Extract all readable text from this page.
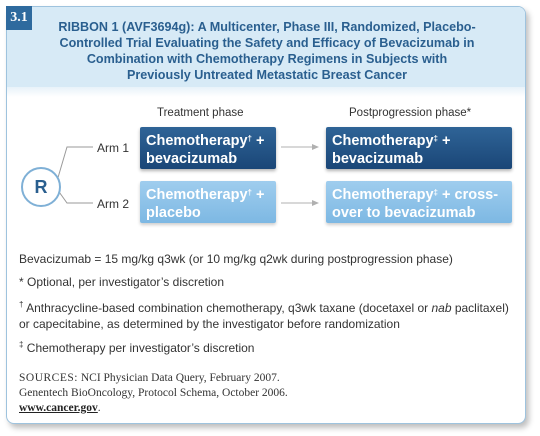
RIBBON 1 (AVF3694g): A Multicenter, Phase III, Randomized, Placebo-Controlled Trial Evaluating the Safety and Efficacy of Bevacizumab in Combination with Chemotherapy Regimens in Subjects with Previously Untreated Metastatic Breast Cancer
Treatment phase	Postprogression phase*
R
Arm 1
Arm 2
Chemotherapy† +
bevacizumab
Chemotherapy‡ +
bevacizumab
Chemotherapy† +
placebo
Chemotherapy‡ + cross-
over to bevacizumab
Bevacizumab = 15 mg/kg q3wk (or 10 mg/kg q2wk during postprogression phase)
* Optional, per investigator’s discretion
† Anthracycline-based combination chemotherapy, q3wk taxane (docetaxel or nab paclitaxel)
or capecitabine, as determined by the investigator before randomization
‡ Chemotherapy per investigator’s discretion
SOURCES: NCI Physician Data Query, February 2007.
Genentech BioOncology, Protocol Schema, October 2006.
www.cancer.gov.
3.1
